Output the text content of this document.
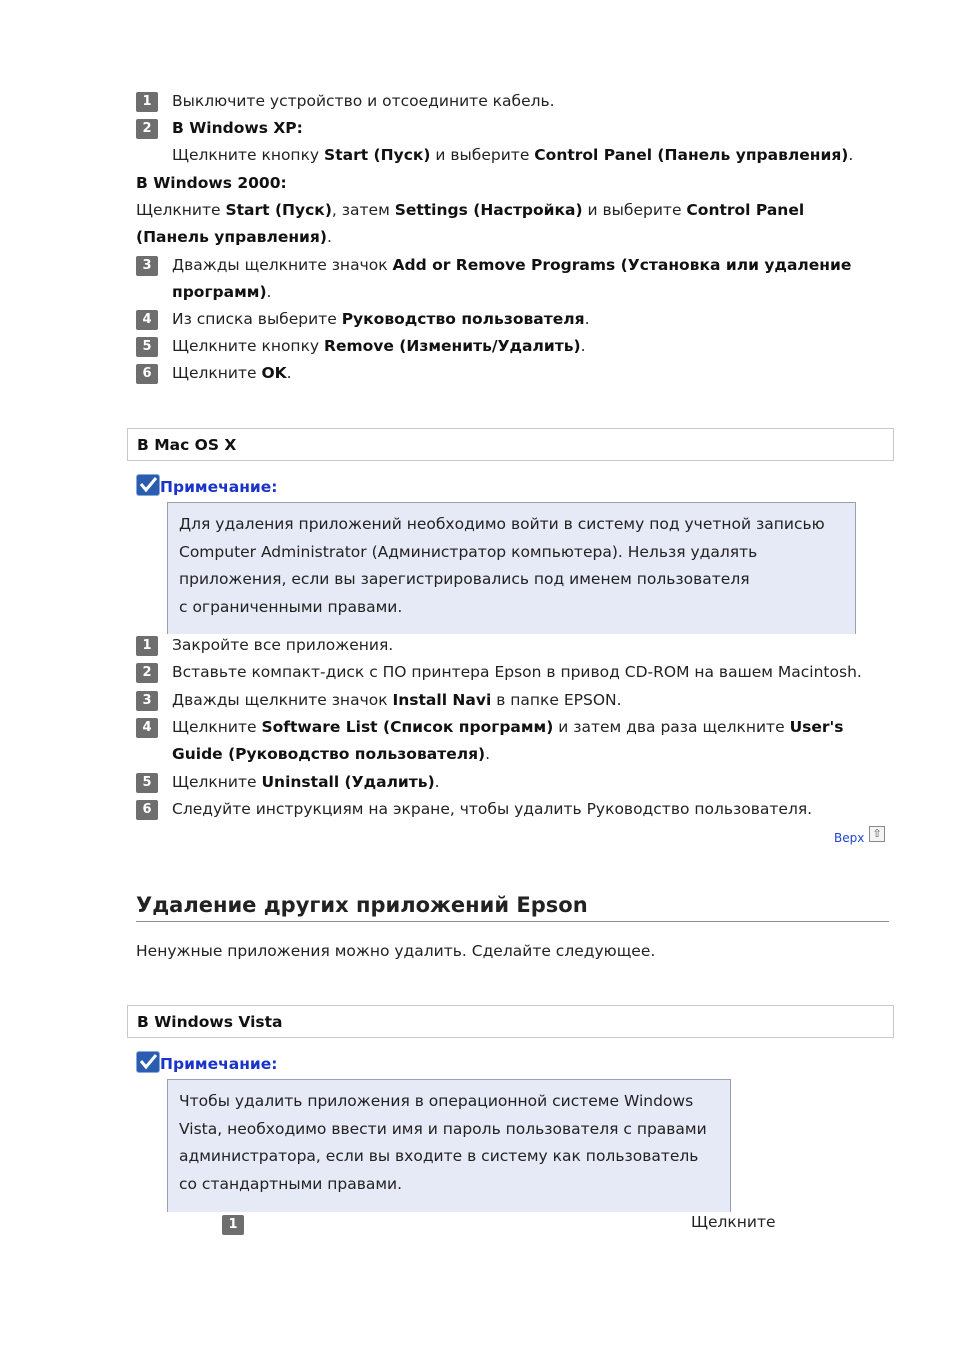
1	Выключите устройство и отсоедините кабель.
2	В Windows XP:
Щелкните кнопку Start (Пуск) и выберите Control Panel (Панель управления).
В Windows 2000:
Щелкните Start (Пуск), затем Settings (Настройка) и выберите Control Panel
(Панель управления).
3	Дважды щелкните значок Add or Remove Programs (Установка или удаление
программ).
4	Из списка выберите Руководство пользователя.
5	Щелкните кнопку Remove (Изменить/Удалить).
6	Щелкните OK.
В Mac OS X
Примечание:
Для удаления приложений необходимо войти в систему под учетной записью
Computer Administrator (Администратор компьютера). Нельзя удалять
приложения, если вы зарегистрировались под именем пользователя
с ограниченными правами.
1	Закройте все приложения.
2	Вставьте компакт-диск с ПО принтера Epson в привод CD-ROM на вашем Macintosh.
3	Дважды щелкните значок Install Navi в папке EPSON.
4	Щелкните Software List (Список программ) и затем два раза щелкните User's
Guide (Руководство пользователя).
5	Щелкните Uninstall (Удалить).
6	Следуйте инструкциям на экране, чтобы удалить Руководство пользователя.
Верх ⇧
Удаление других приложений Epson
Ненужные приложения можно удалить. Сделайте следующее.
В Windows Vista
Примечание:
Чтобы удалить приложения в операционной системе Windows
Vista, необходимо ввести имя и пароль пользователя с правами
администратора, если вы входите в систему как пользователь
со стандартными правами.
1	Щелкните
